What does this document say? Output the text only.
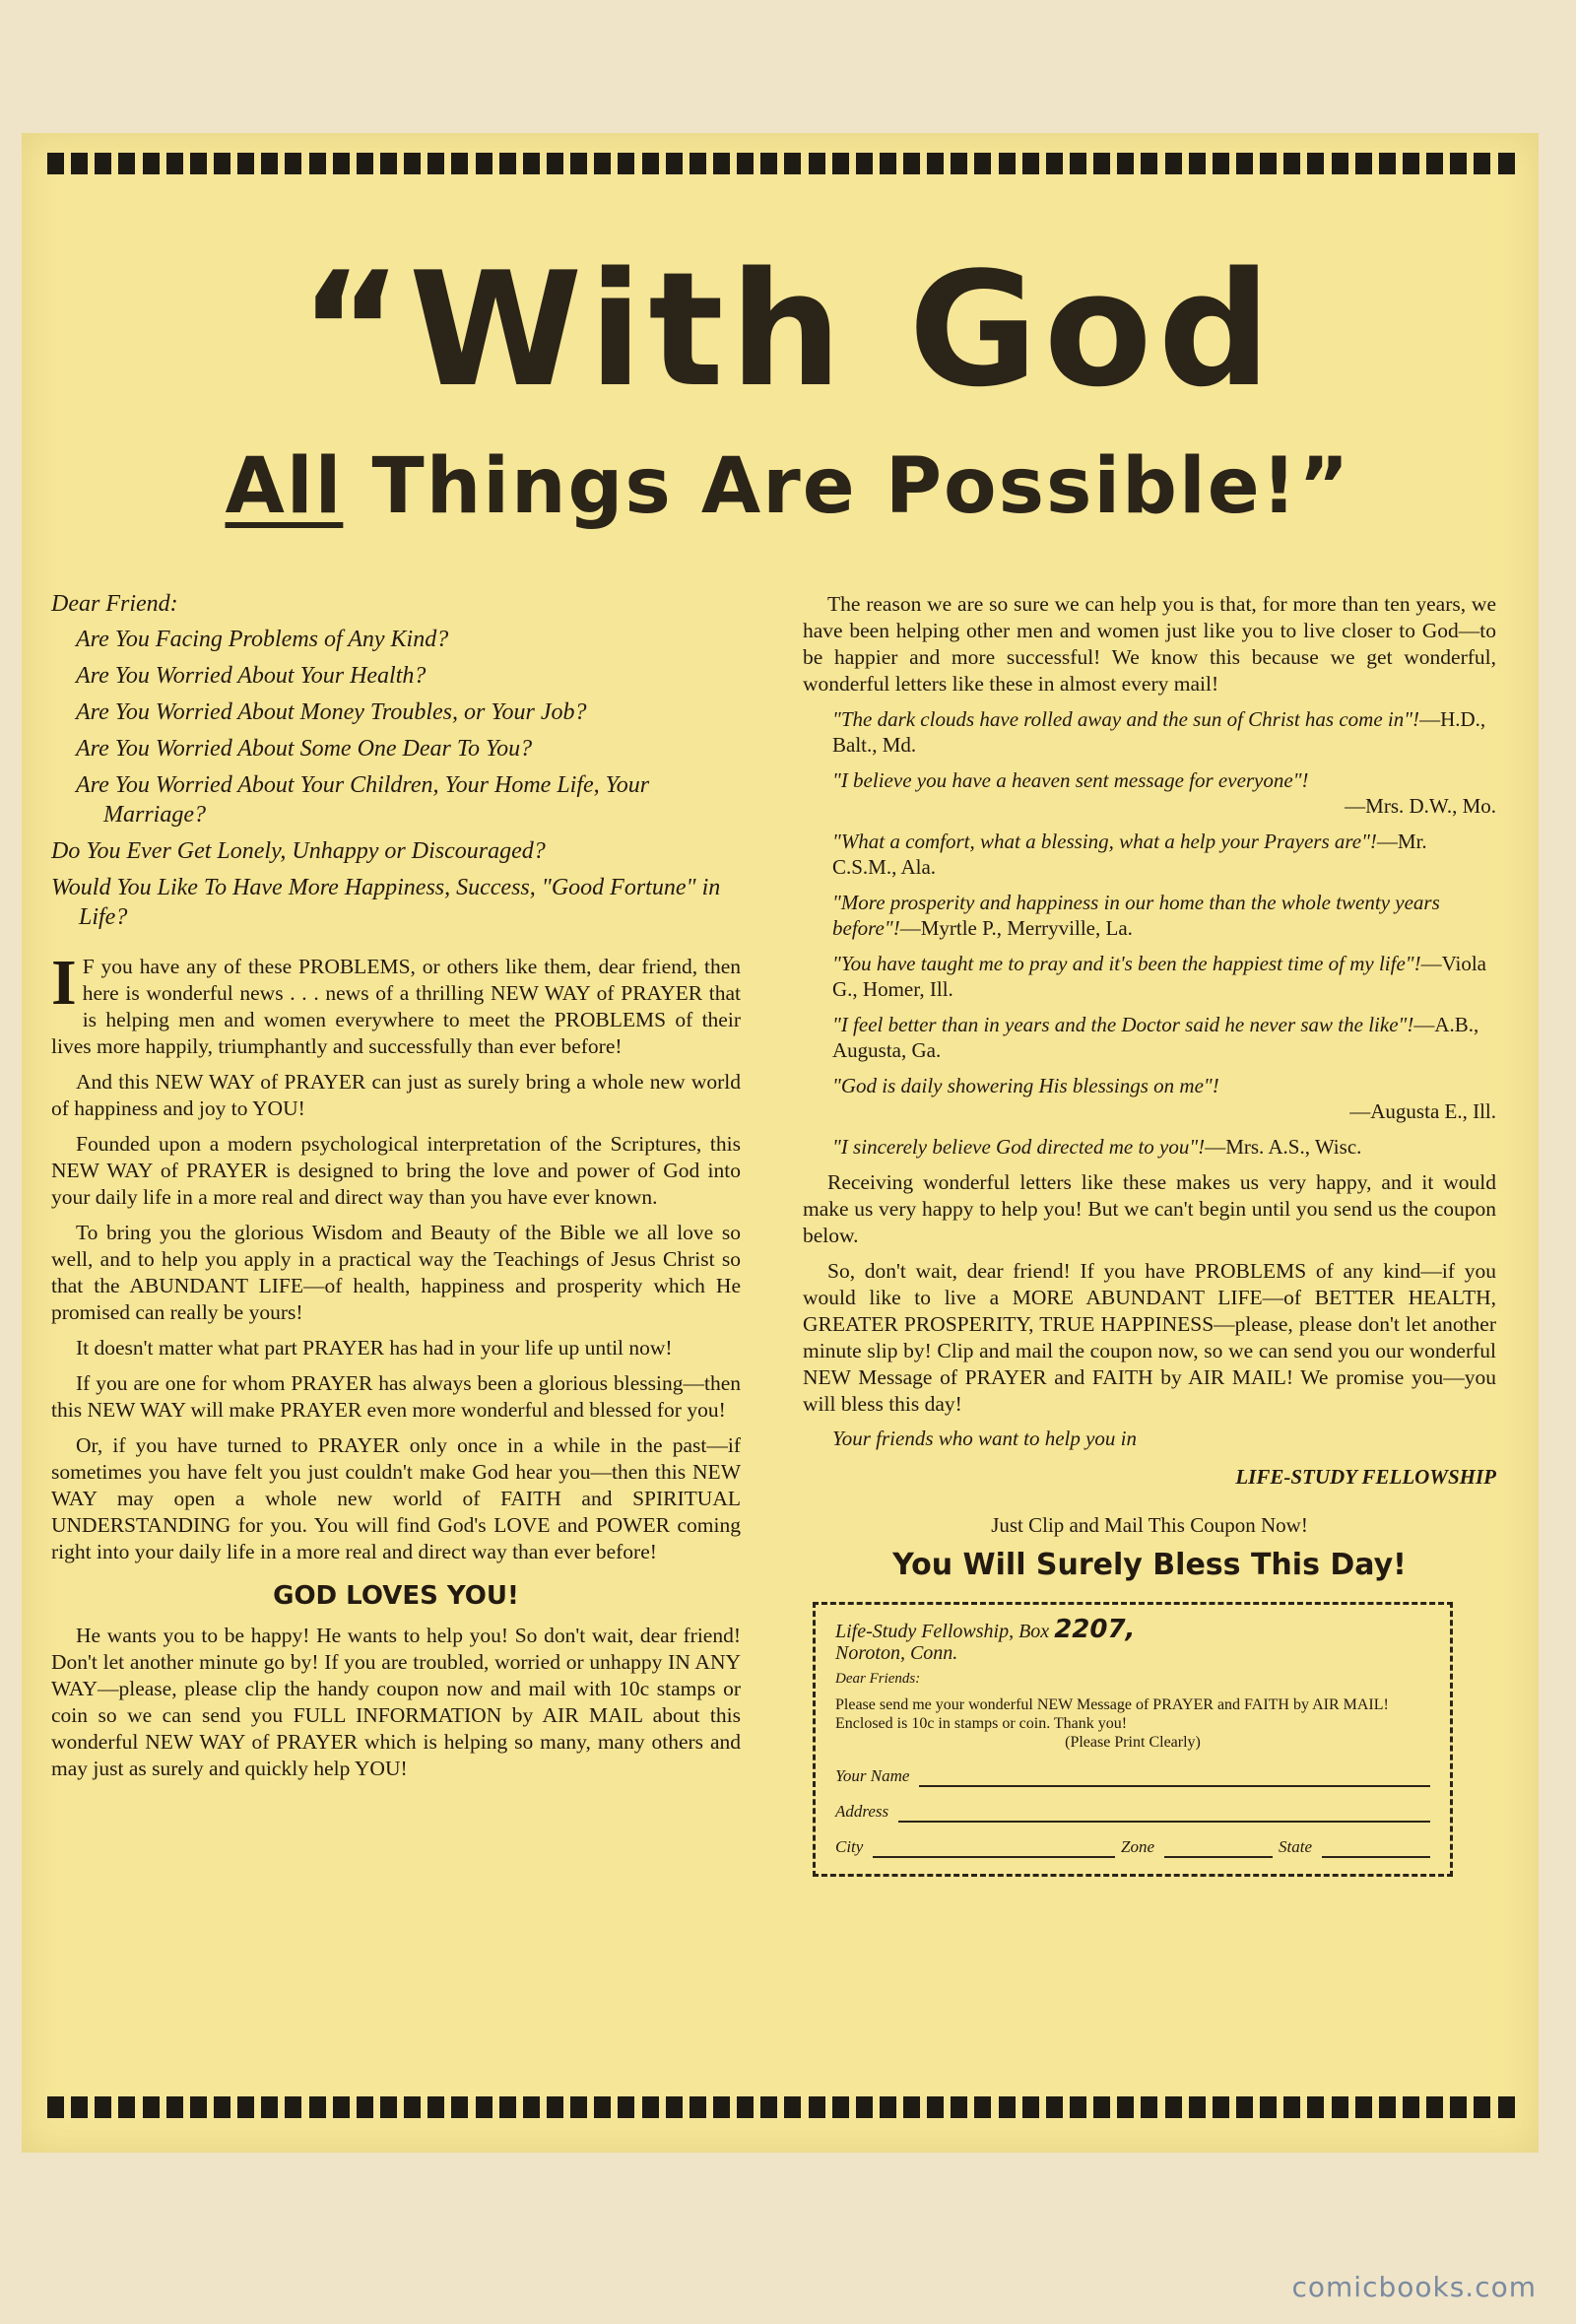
“With God
All Things Are Possible!”
Dear Friend:
Are You Facing Problems of Any Kind?
Are You Worried About Your Health?
Are You Worried About Money Troubles, or Your Job?
Are You Worried About Some One Dear To You?
Are You Worried About Your Children, Your Home Life, Your Marriage?
Do You Ever Get Lonely, Unhappy or Discouraged?
Would You Like To Have More Happiness, Success, "Good Fortune" in Life?

I F you have any of these PROBLEMS, or others like them, dear friend, then here is wonderful news . . . news of a thrilling NEW WAY of PRAYER that is helping men and women everywhere to meet the PROBLEMS of their lives more happily, triumphantly and successfully than ever before!

And this NEW WAY of PRAYER can just as surely bring a whole new world of happiness and joy to YOU!

Founded upon a modern psychological interpretation of the Scriptures, this NEW WAY of PRAYER is designed to bring the love and power of God into your daily life in a more real and direct way than you have ever known.

To bring you the glorious Wisdom and Beauty of the Bible we all love so well, and to help you apply in a practical way the Teachings of Jesus Christ so that the ABUNDANT LIFE—of health, happiness and prosperity which He promised can really be yours!

It doesn't matter what part PRAYER has had in your life up until now!

If you are one for whom PRAYER has always been a glorious blessing—then this NEW WAY will make PRAYER even more wonderful and blessed for you!

Or, if you have turned to PRAYER only once in a while in the past—if sometimes you have felt you just couldn't make God hear you—then this NEW WAY may open a whole new world of FAITH and SPIRITUAL UNDERSTANDING for you. You will find God's LOVE and POWER coming right into your daily life in a more real and direct way than ever before!

GOD LOVES YOU!

He wants you to be happy! He wants to help you! So don't wait, dear friend! Don't let another minute go by! If you are troubled, worried or unhappy IN ANY WAY—please, please clip the handy coupon now and mail with 10c stamps or coin so we can send you FULL INFORMATION by AIR MAIL about this wonderful NEW WAY of PRAYER which is helping so many, many others and may just as surely and quickly help YOU!

The reason we are so sure we can help you is that, for more than ten years, we have been helping other men and women just like you to live closer to God—to be happier and more successful! We know this because we get wonderful, wonderful letters like these in almost every mail!

"The dark clouds have rolled away and the sun of Christ has come in"!—H.D., Balt., Md.
"I believe you have a heaven sent message for everyone"!
—Mrs. D.W., Mo.
"What a comfort, what a blessing, what a help your Prayers are"!—Mr. C.S.M., Ala.
"More prosperity and happiness in our home than the whole twenty years before"!—Myrtle P., Merryville, La.
"You have taught me to pray and it's been the happiest time of my life"!—Viola G., Homer, Ill.
"I feel better than in years and the Doctor said he never saw the like"!—A.B., Augusta, Ga.
"God is daily showering His blessings on me"!
—Augusta E., Ill.
"I sincerely believe God directed me to you"!—Mrs. A.S., Wisc.

Receiving wonderful letters like these makes us very happy, and it would make us very happy to help you! But we can't begin until you send us the coupon below.

So, don't wait, dear friend! If you have PROBLEMS of any kind—if you would like to live a MORE ABUNDANT LIFE—of BETTER HEALTH, GREATER PROSPERITY, TRUE HAPPINESS—please, please don't let another minute slip by! Clip and mail the coupon now, so we can send you our wonderful NEW Message of PRAYER and FAITH by AIR MAIL! We promise you—you will bless this day!

Your friends who want to help you in
LIFE-STUDY FELLOWSHIP
Just Clip and Mail This Coupon Now!
You Will Surely Bless This Day!
Life-Study Fellowship, Box 2207,
Noroton, Conn.
Dear Friends:
Please send me your wonderful NEW Message of PRAYER and FAITH by AIR MAIL! Enclosed is 10c in stamps or coin. Thank you!
(Please Print Clearly)
Your Name
Address
City	Zone	State
comicbooks.com
